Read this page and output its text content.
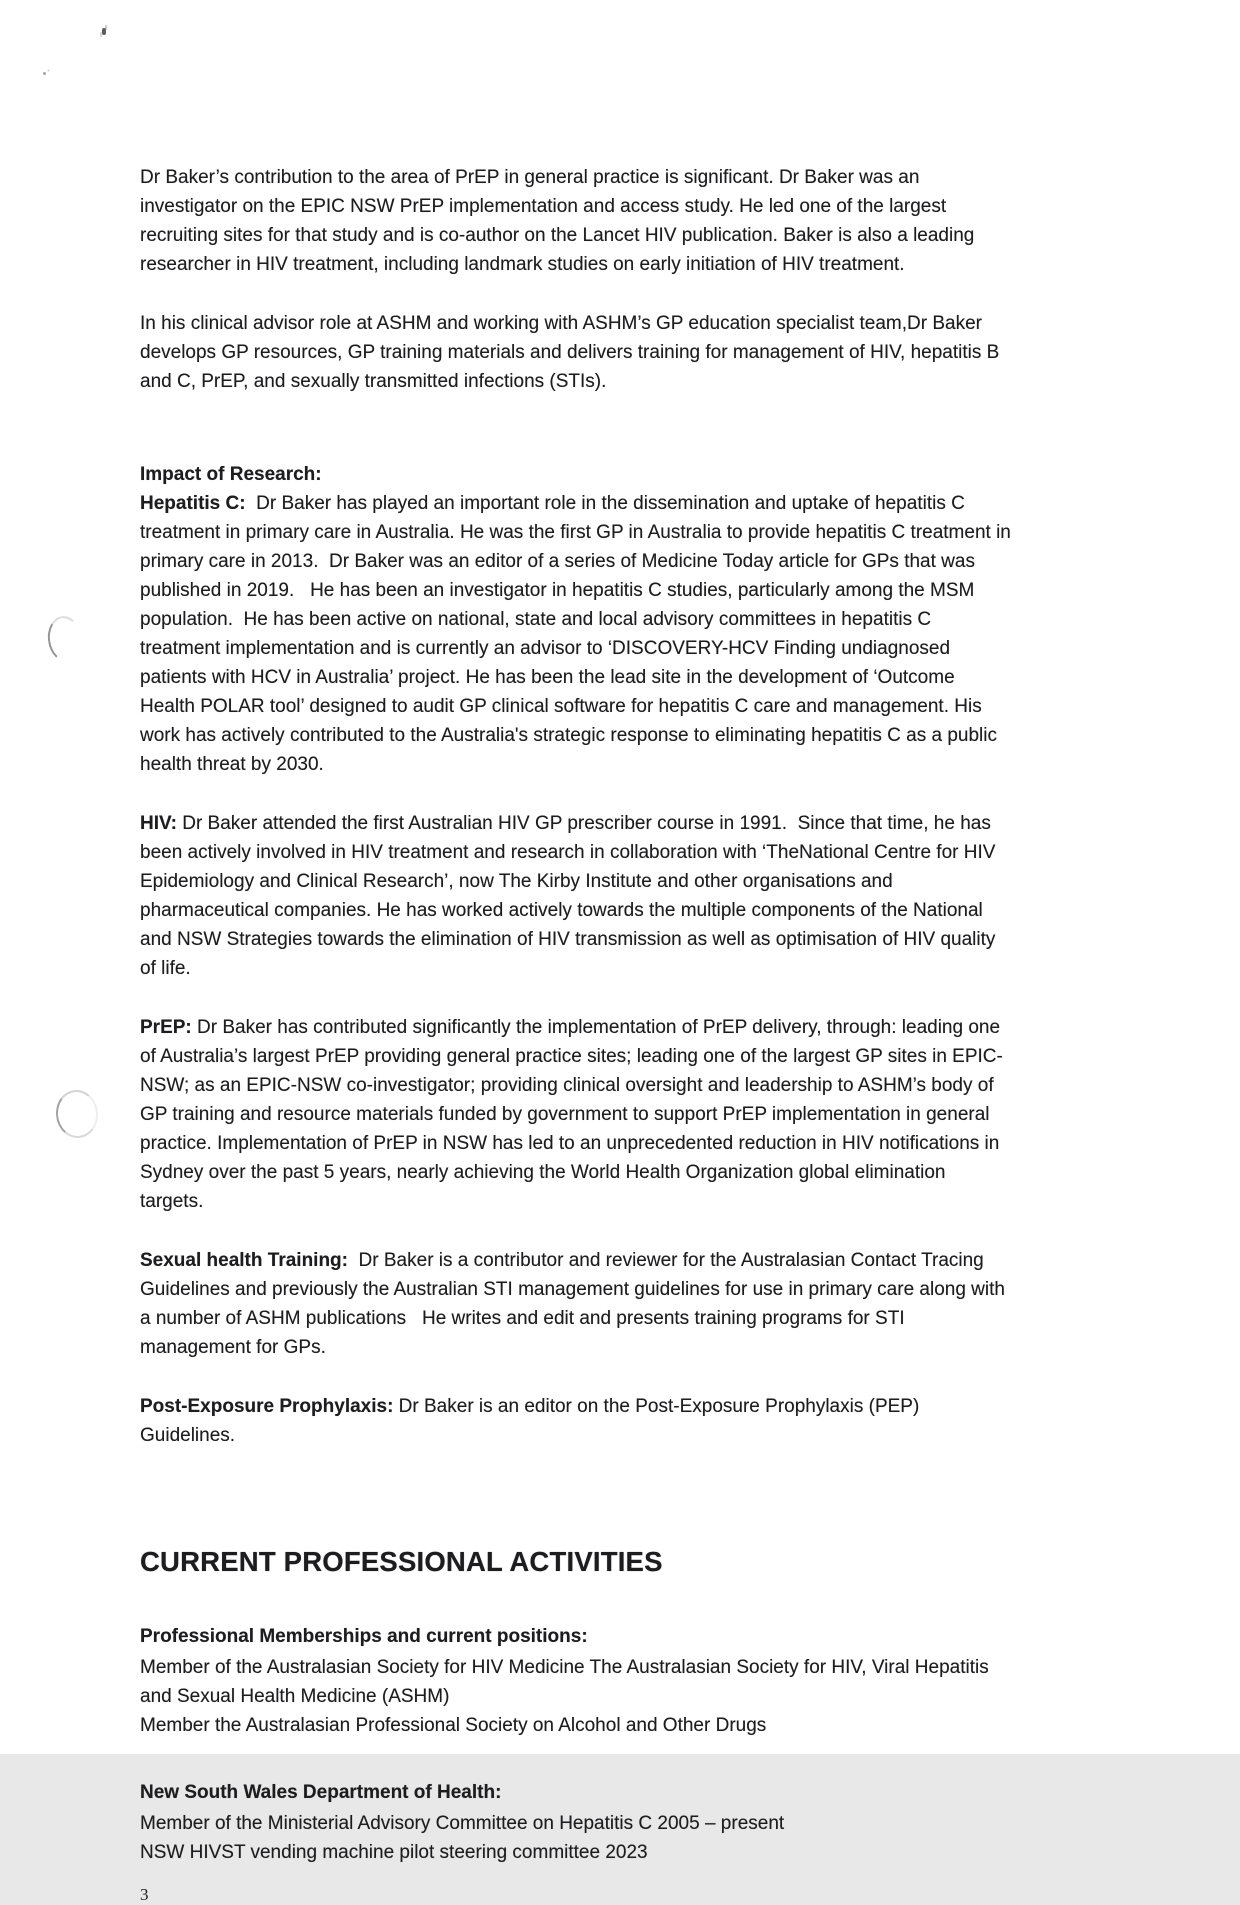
Dr Baker’s contribution to the area of PrEP in general practice is significant. Dr Baker was an investigator on the EPIC NSW PrEP implementation and access study. He led one of the largest recruiting sites for that study and is co-author on the Lancet HIV publication. Baker is also a leading researcher in HIV treatment, including landmark studies on early initiation of HIV treatment.

In his clinical advisor role at ASHM and working with ASHM’s GP education specialist team,Dr Baker develops GP resources, GP training materials and delivers training for management of HIV, hepatitis B and C, PrEP, and sexually transmitted infections (STIs).

Impact of Research:

Hepatitis C:  Dr Baker has played an important role in the dissemination and uptake of hepatitis C treatment in primary care in Australia. He was the first GP in Australia to provide hepatitis C treatment in primary care in 2013.  Dr Baker was an editor of a series of Medicine Today article for GPs that was published in 2019.   He has been an investigator in hepatitis C studies, particularly among the MSM population.  He has been active on national, state and local advisory committees in hepatitis C treatment implementation and is currently an advisor to ‘DISCOVERY-HCV Finding undiagnosed patients with HCV in Australia’ project. He has been the lead site in the development of ‘Outcome Health POLAR tool’ designed to audit GP clinical software for hepatitis C care and management. His work has actively contributed to the Australia's strategic response to eliminating hepatitis C as a public health threat by 2030.

HIV: Dr Baker attended the first Australian HIV GP prescriber course in 1991.  Since that time, he has been actively involved in HIV treatment and research in collaboration with ‘TheNational Centre for HIV Epidemiology and Clinical Research’, now The Kirby Institute and other organisations and pharmaceutical companies. He has worked actively towards the multiple components of the National and NSW Strategies towards the elimination of HIV transmission as well as optimisation of HIV quality of life.

PrEP: Dr Baker has contributed significantly the implementation of PrEP delivery, through: leading one of Australia’s largest PrEP providing general practice sites; leading one of the largest GP sites in EPIC-NSW; as an EPIC-NSW co-investigator; providing clinical oversight and leadership to ASHM’s body of GP training and resource materials funded by government to support PrEP implementation in general practice. Implementation of PrEP in NSW has led to an unprecedented reduction in HIV notifications in Sydney over the past 5 years, nearly achieving the World Health Organization global elimination targets.

Sexual health Training:  Dr Baker is a contributor and reviewer for the Australasian Contact Tracing Guidelines and previously the Australian STI management guidelines for use in primary care along with a number of ASHM publications   He writes and edit and presents training programs for STI management for GPs.

Post-Exposure Prophylaxis: Dr Baker is an editor on the Post-Exposure Prophylaxis (PEP) Guidelines.

CURRENT PROFESSIONAL ACTIVITIES

Professional Memberships and current positions:

Member of the Australasian Society for HIV Medicine The Australasian Society for HIV, Viral Hepatitis and Sexual Health Medicine (ASHM)
Member the Australasian Professional Society on Alcohol and Other Drugs

New South Wales Department of Health:

Member of the Ministerial Advisory Committee on Hepatitis C 2005 – present
NSW HIVST vending machine pilot steering committee 2023
3
